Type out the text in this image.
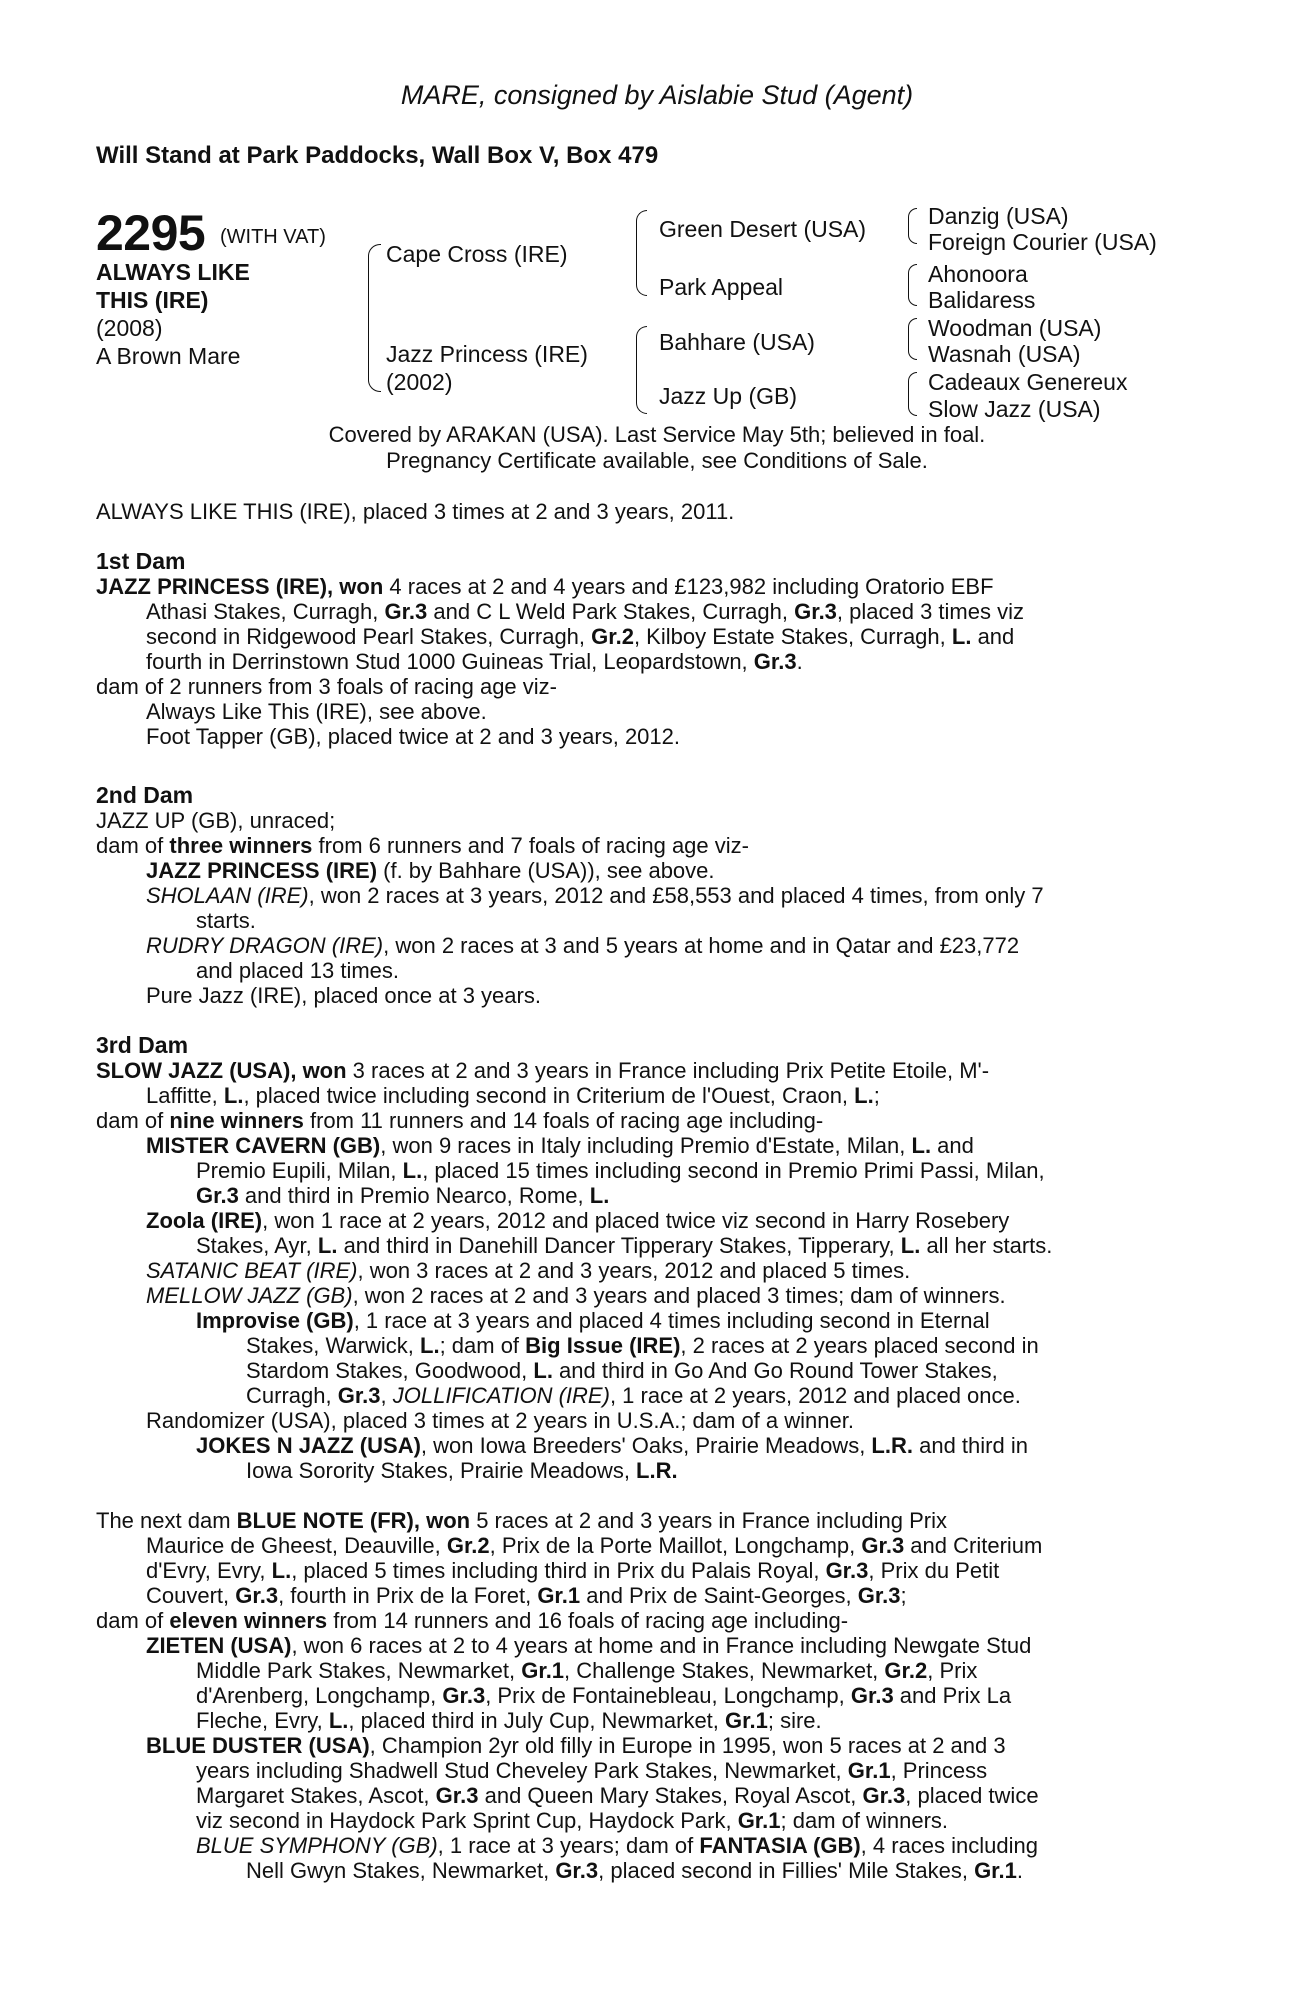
MARE, consigned by Aislabie Stud (Agent)
Will Stand at Park Paddocks, Wall Box V, Box 479
2295 (WITH VAT)
ALWAYS LIKE
THIS (IRE)
(2008)
A Brown Mare
Cape Cross (IRE)
Jazz Princess (IRE)
(2002)
Green Desert (USA)
Park Appeal
Bahhare (USA)
Jazz Up (GB)
Danzig (USA)
Foreign Courier (USA)
Ahonoora
Balidaress
Woodman (USA)
Wasnah (USA)
Cadeaux Genereux
Slow Jazz (USA)
Covered by ARAKAN (USA). Last Service May 5th; believed in foal.
Pregnancy Certificate available, see Conditions of Sale.
ALWAYS LIKE THIS (IRE), placed 3 times at 2 and 3 years, 2011.
1st Dam
JAZZ PRINCESS (IRE), won 4 races at 2 and 4 years and £123,982 including Oratorio EBF
Athasi Stakes, Curragh, Gr.3 and C L Weld Park Stakes, Curragh, Gr.3, placed 3 times viz
second in Ridgewood Pearl Stakes, Curragh, Gr.2, Kilboy Estate Stakes, Curragh, L. and
fourth in Derrinstown Stud 1000 Guineas Trial, Leopardstown, Gr.3.
dam of 2 runners from 3 foals of racing age viz-
Always Like This (IRE), see above.
Foot Tapper (GB), placed twice at 2 and 3 years, 2012.
2nd Dam
JAZZ UP (GB), unraced;
dam of three winners from 6 runners and 7 foals of racing age viz-
JAZZ PRINCESS (IRE) (f. by Bahhare (USA)), see above.
SHOLAAN (IRE), won 2 races at 3 years, 2012 and £58,553 and placed 4 times, from only 7
starts.
RUDRY DRAGON (IRE), won 2 races at 3 and 5 years at home and in Qatar and £23,772
and placed 13 times.
Pure Jazz (IRE), placed once at 3 years.
3rd Dam
SLOW JAZZ (USA), won 3 races at 2 and 3 years in France including Prix Petite Etoile, M'-
Laffitte, L., placed twice including second in Criterium de l'Ouest, Craon, L.;
dam of nine winners from 11 runners and 14 foals of racing age including-
MISTER CAVERN (GB), won 9 races in Italy including Premio d'Estate, Milan, L. and
Premio Eupili, Milan, L., placed 15 times including second in Premio Primi Passi, Milan,
Gr.3 and third in Premio Nearco, Rome, L.
Zoola (IRE), won 1 race at 2 years, 2012 and placed twice viz second in Harry Rosebery
Stakes, Ayr, L. and third in Danehill Dancer Tipperary Stakes, Tipperary, L. all her starts.
SATANIC BEAT (IRE), won 3 races at 2 and 3 years, 2012 and placed 5 times.
MELLOW JAZZ (GB), won 2 races at 2 and 3 years and placed 3 times; dam of winners.
Improvise (GB), 1 race at 3 years and placed 4 times including second in Eternal
Stakes, Warwick, L.; dam of Big Issue (IRE), 2 races at 2 years placed second in
Stardom Stakes, Goodwood, L. and third in Go And Go Round Tower Stakes,
Curragh, Gr.3, JOLLIFICATION (IRE), 1 race at 2 years, 2012 and placed once.
Randomizer (USA), placed 3 times at 2 years in U.S.A.; dam of a winner.
JOKES N JAZZ (USA), won Iowa Breeders' Oaks, Prairie Meadows, L.R. and third in
Iowa Sorority Stakes, Prairie Meadows, L.R.
The next dam BLUE NOTE (FR), won 5 races at 2 and 3 years in France including Prix
Maurice de Gheest, Deauville, Gr.2, Prix de la Porte Maillot, Longchamp, Gr.3 and Criterium
d'Evry, Evry, L., placed 5 times including third in Prix du Palais Royal, Gr.3, Prix du Petit
Couvert, Gr.3, fourth in Prix de la Foret, Gr.1 and Prix de Saint-Georges, Gr.3;
dam of eleven winners from 14 runners and 16 foals of racing age including-
ZIETEN (USA), won 6 races at 2 to 4 years at home and in France including Newgate Stud
Middle Park Stakes, Newmarket, Gr.1, Challenge Stakes, Newmarket, Gr.2, Prix
d'Arenberg, Longchamp, Gr.3, Prix de Fontainebleau, Longchamp, Gr.3 and Prix La
Fleche, Evry, L., placed third in July Cup, Newmarket, Gr.1; sire.
BLUE DUSTER (USA), Champion 2yr old filly in Europe in 1995, won 5 races at 2 and 3
years including Shadwell Stud Cheveley Park Stakes, Newmarket, Gr.1, Princess
Margaret Stakes, Ascot, Gr.3 and Queen Mary Stakes, Royal Ascot, Gr.3, placed twice
viz second in Haydock Park Sprint Cup, Haydock Park, Gr.1; dam of winners.
BLUE SYMPHONY (GB), 1 race at 3 years; dam of FANTASIA (GB), 4 races including
Nell Gwyn Stakes, Newmarket, Gr.3, placed second in Fillies' Mile Stakes, Gr.1.
